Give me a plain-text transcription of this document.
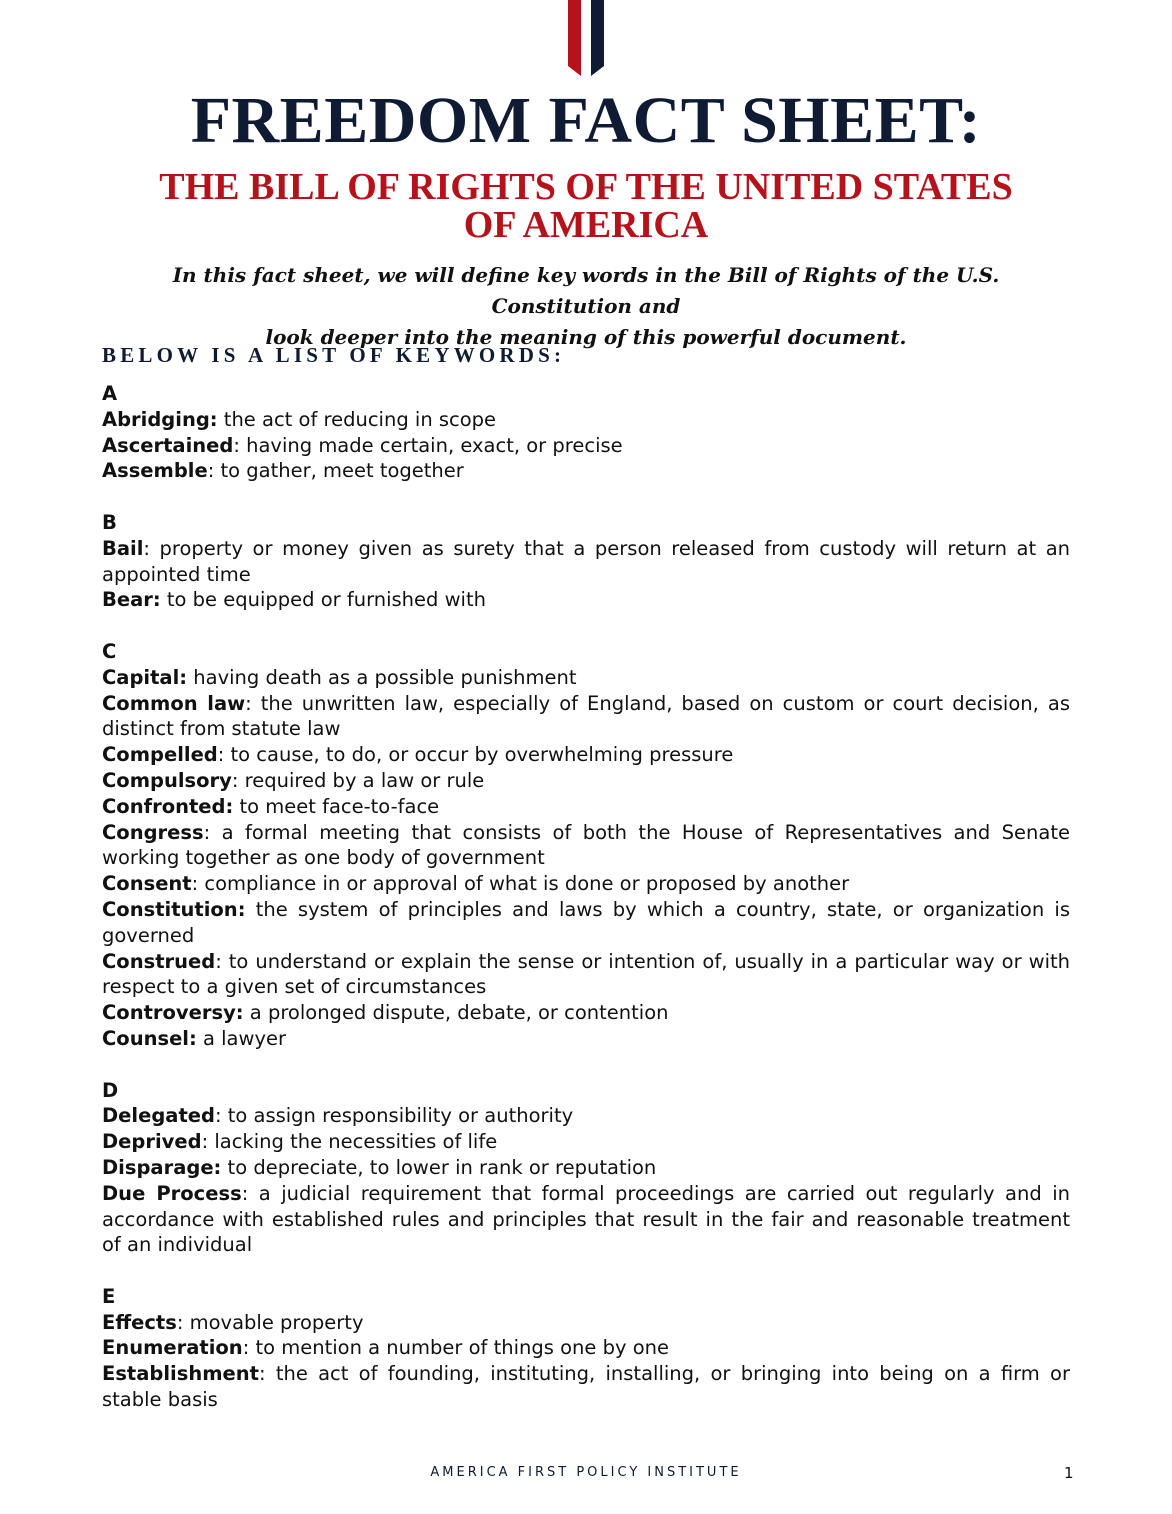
FREEDOM FACT SHEET:
THE BILL OF RIGHTS OF THE UNITED STATES
OF AMERICA

In this fact sheet, we will define key words in the Bill of Rights of the U.S. Constitution and
look deeper into the meaning of this powerful document.

BELOW IS A LIST OF KEYWORDS:

A

Abridging: the act of reducing in scope

Ascertained: having made certain, exact, or precise

Assemble: to gather, meet together

B

Bail: property or money given as surety that a person released from custody will return at an appointed time

Bear: to be equipped or furnished with

C

Capital: having death as a possible punishment

Common law: the unwritten law, especially of England, based on custom or court decision, as distinct from statute law

Compelled: to cause, to do, or occur by overwhelming pressure

Compulsory: required by a law or rule

Confronted: to meet face-to-face

Congress: a formal meeting that consists of both the House of Representatives and Senate working together as one body of government

Consent: compliance in or approval of what is done or proposed by another

Constitution: the system of principles and laws by which a country, state, or organization is governed

Construed: to understand or explain the sense or intention of, usually in a particular way or with respect to a given set of circumstances

Controversy: a prolonged dispute, debate, or contention

Counsel: a lawyer

D

Delegated: to assign responsibility or authority

Deprived: lacking the necessities of life

Disparage: to depreciate, to lower in rank or reputation

Due Process: a judicial requirement that formal proceedings are carried out regularly and in accordance with established rules and principles that result in the fair and reasonable treatment of an individual

E

Effects: movable property

Enumeration: to mention a number of things one by one

Establishment: the act of founding, instituting, installing, or bringing into being on a firm or stable basis

AMERICA FIRST POLICY INSTITUTE	1
